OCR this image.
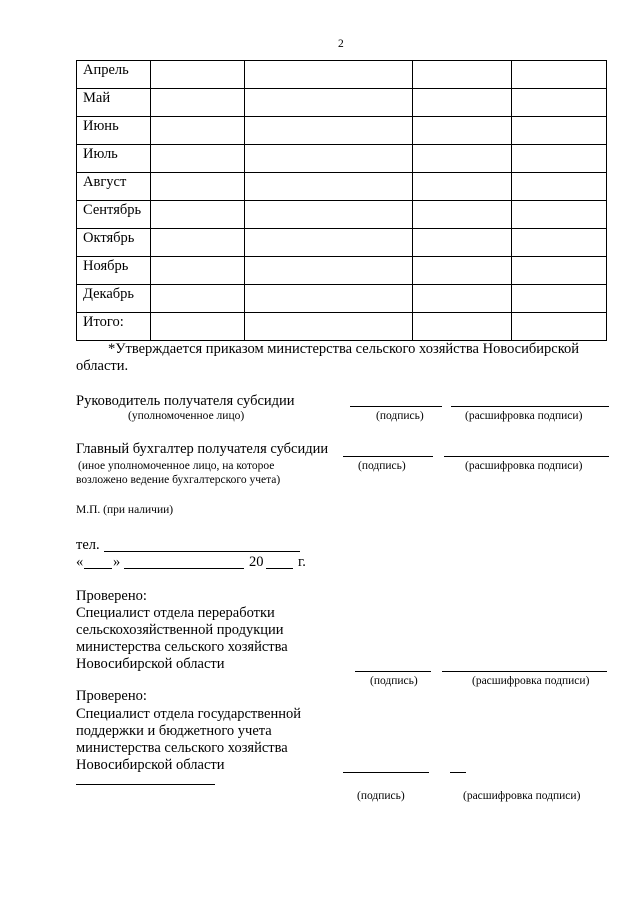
2
Апрель				
Май				
Июнь				
Июль				
Август				
Сентябрь				
Октябрь				
Ноябрь				
Декабрь				
Итого:				
*Утверждается приказом министерства сельского хозяйства Новосибирской
области.
Руководитель получателя субсидии
(уполномоченное лицо)	(подпись)	(расшифровка подписи)
Главный бухгалтер получателя субсидии
(иное уполномоченное лицо, на которое
возложено ведение бухгалтерского учета)
(подпись)	(расшифровка подписи)
М.П. (при наличии)
тел.
« »	20 г.
Проверено:
Специалист отдела переработки
сельскохозяйственной продукции
министерства сельского хозяйства
Новосибирской области
(подпись)	(расшифровка подписи)
Проверено:
Специалист отдела государственной
поддержки и бюджетного учета
министерства сельского хозяйства
Новосибирской области
(подпись)	(расшифровка подписи)
